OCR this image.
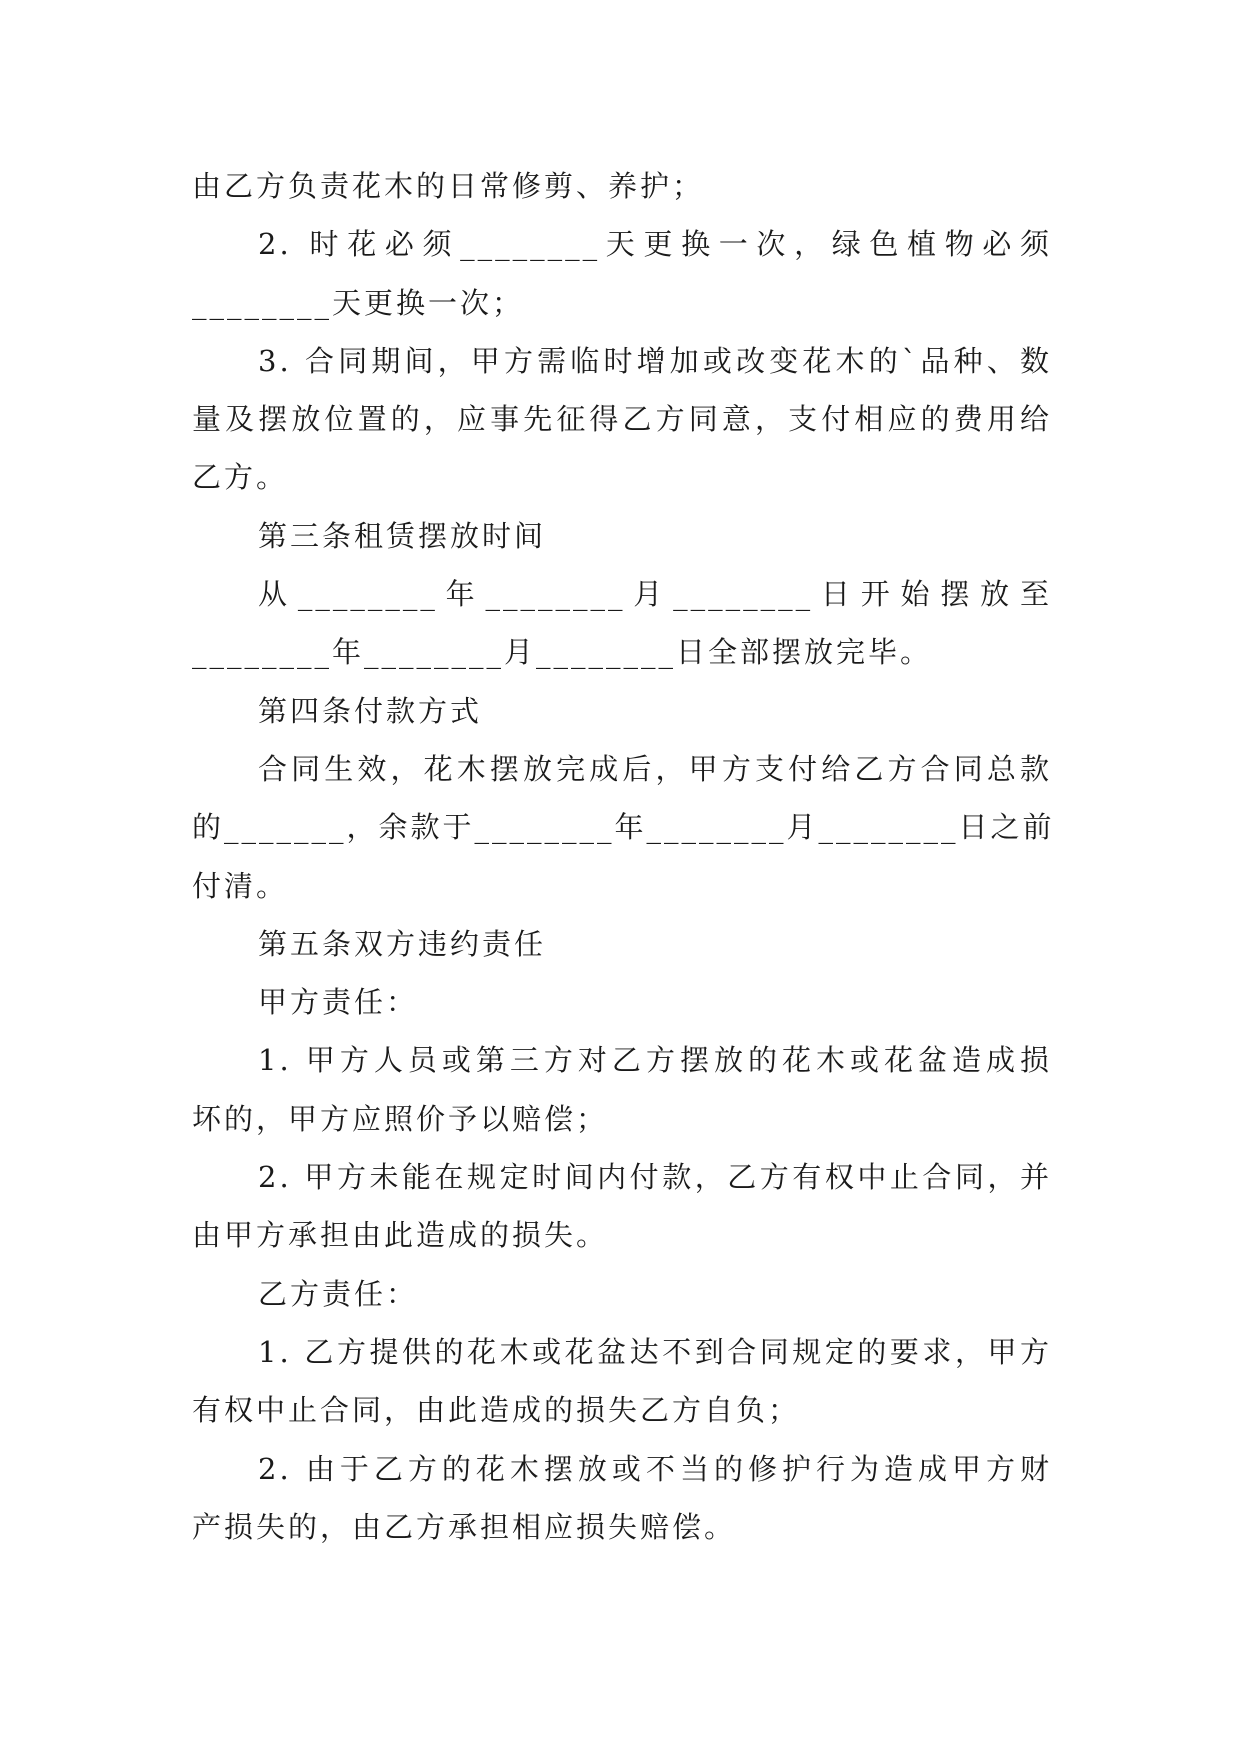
由乙方负责花木的日常修剪、养护；
2. 时花必须________天更换一次，绿色植物必须
________天更换一次；
3. 合同期间，甲方需临时增加或改变花木的`品种、数
量及摆放位置的，应事先征得乙方同意，支付相应的费用给
乙方。
第三条租赁摆放时间
从________年________月________日开始摆放至
________年________月________日全部摆放完毕。
第四条付款方式
合同生效，花木摆放完成后，甲方支付给乙方合同总款
的_______，余款于________年________月________日之前
付清。
第五条双方违约责任
甲方责任：
1. 甲方人员或第三方对乙方摆放的花木或花盆造成损
坏的，甲方应照价予以赔偿；
2. 甲方未能在规定时间内付款，乙方有权中止合同，并
由甲方承担由此造成的损失。
乙方责任：
1. 乙方提供的花木或花盆达不到合同规定的要求，甲方
有权中止合同，由此造成的损失乙方自负；
2. 由于乙方的花木摆放或不当的修护行为造成甲方财
产损失的，由乙方承担相应损失赔偿。
